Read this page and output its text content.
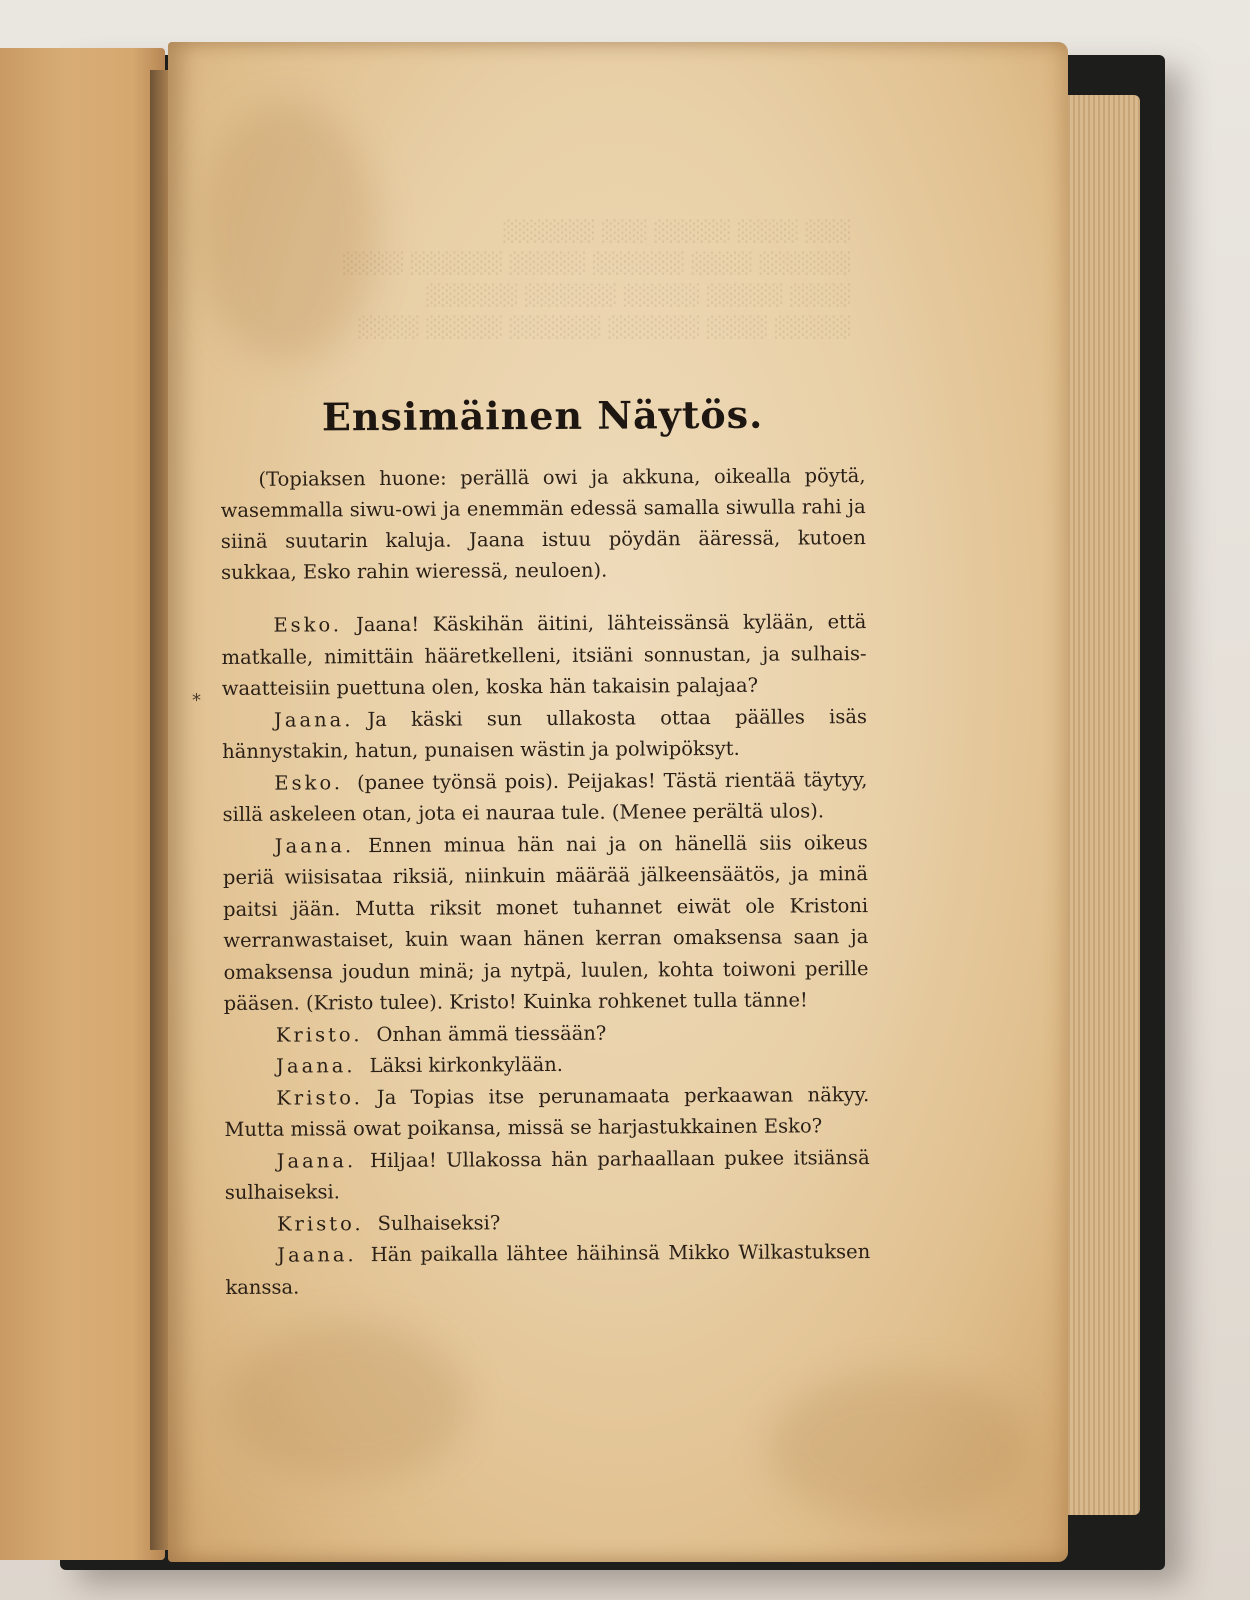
░░░ ░░░░ ░░░░░ ░░░ ░░░░░░
░░░░░░ ░░░░ ░░░░░░ ░░░░░ ░░░░░░ ░░░░
░░░░ ░░░░░ ░░░░░ ░░░░░░ ░░░░░░
░░░░░ ░░░░ ░░░░░░ ░░░░░░ ░░░░░ ░░░░
*
Ensimäinen Näytös.

(Topiaksen huone: perällä owi ja akkuna, oikealla pöytä, wasemmalla siwu-owi ja enemmän edessä samalla siwulla rahi ja siinä suutarin kaluja. Jaana istuu pöydän ääressä, kutoen sukkaa, Esko rahin wieressä, neuloen).

Esko. Jaana! Käskihän äitini, lähteissänsä kylään, että matkalle, nimittäin hääretkelleni, itsiäni sonnustan, ja sulhais-waatteisiin puettuna olen, koska hän takaisin palajaa?

Jaana. Ja käski sun ullakosta ottaa päälles isäs hännystakin, hatun, punaisen wästin ja polwipöksyt.

Esko. (panee työnsä pois). Peijakas! Tästä rientää täytyy, sillä askeleen otan, jota ei nauraa tule. (Menee perältä ulos).

Jaana. Ennen minua hän nai ja on hänellä siis oikeus periä wiisisataa riksiä, niinkuin määrää jälkeensäätös, ja minä paitsi jään. Mutta riksit monet tuhannet eiwät ole Kristoni werranwastaiset, kuin waan hänen kerran omaksensa saan ja omaksensa joudun minä; ja nytpä, luulen, kohta toiwoni perille pääsen. (Kristo tulee). Kristo! Kuinka rohkenet tulla tänne!

Kristo. Onhan ämmä tiessään?

Jaana. Läksi kirkonkylään.

Kristo. Ja Topias itse perunamaata perkaawan näkyy. Mutta missä owat poikansa, missä se harjastukkainen Esko?

Jaana. Hiljaa! Ullakossa hän parhaallaan pukee itsiänsä sulhaiseksi.

Kristo. Sulhaiseksi?

Jaana. Hän paikalla lähtee häihinsä Mikko Wilkastuksen kanssa.
